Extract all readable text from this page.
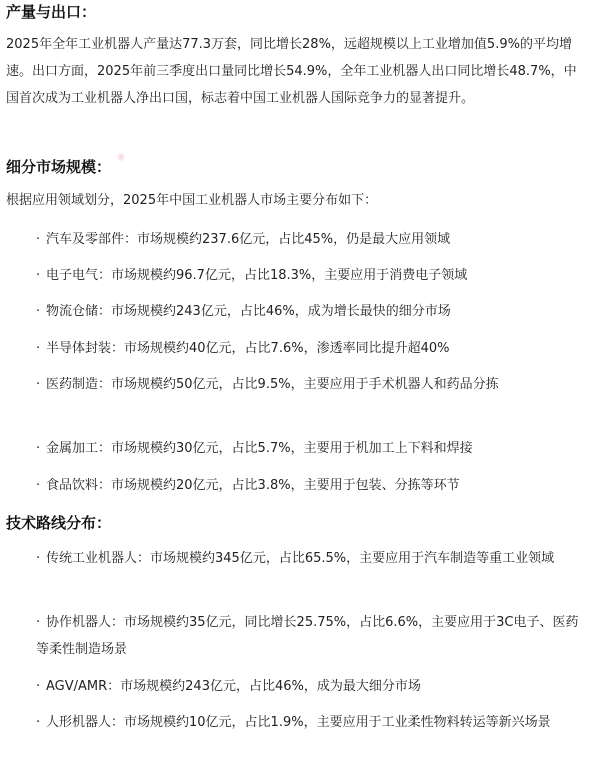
产量与出口：
2025年全年工业机器人产量达77.3万套，同比增长28%，远超规模以上工业增加值5.9%的平均增速。出口方面，2025年前三季度出口量同比增长54.9%，全年工业机器人出口同比增长48.7%，中国首次成为工业机器人净出口国，标志着中国工业机器人国际竞争力的显著提升。
细分市场规模：
根据应用领域划分，2025年中国工业机器人市场主要分布如下：
· 汽车及零部件：市场规模约237.6亿元，占比45%，仍是最大应用领域
· 电子电气：市场规模约96.7亿元，占比18.3%，主要应用于消费电子领域
· 物流仓储：市场规模约243亿元，占比46%，成为增长最快的细分市场
· 半导体封装：市场规模约40亿元，占比7.6%，渗透率同比提升超40%
· 医药制造：市场规模约50亿元，占比9.5%，主要应用于手术机器人和药品分拣
· 金属加工：市场规模约30亿元，占比5.7%，主要用于机加工上下料和焊接
· 食品饮料：市场规模约20亿元，占比3.8%，主要用于包装、分拣等环节
技术路线分布：
· 传统工业机器人：市场规模约345亿元，占比65.5%，主要应用于汽车制造等重工业领域
· 协作机器人：市场规模约35亿元，同比增长25.75%，占比6.6%，主要应用于3C电子、医药等柔性制造场景
· AGV/AMR：市场规模约243亿元，占比46%，成为最大细分市场
· 人形机器人：市场规模约10亿元，占比1.9%，主要应用于工业柔性物料转运等新兴场景
